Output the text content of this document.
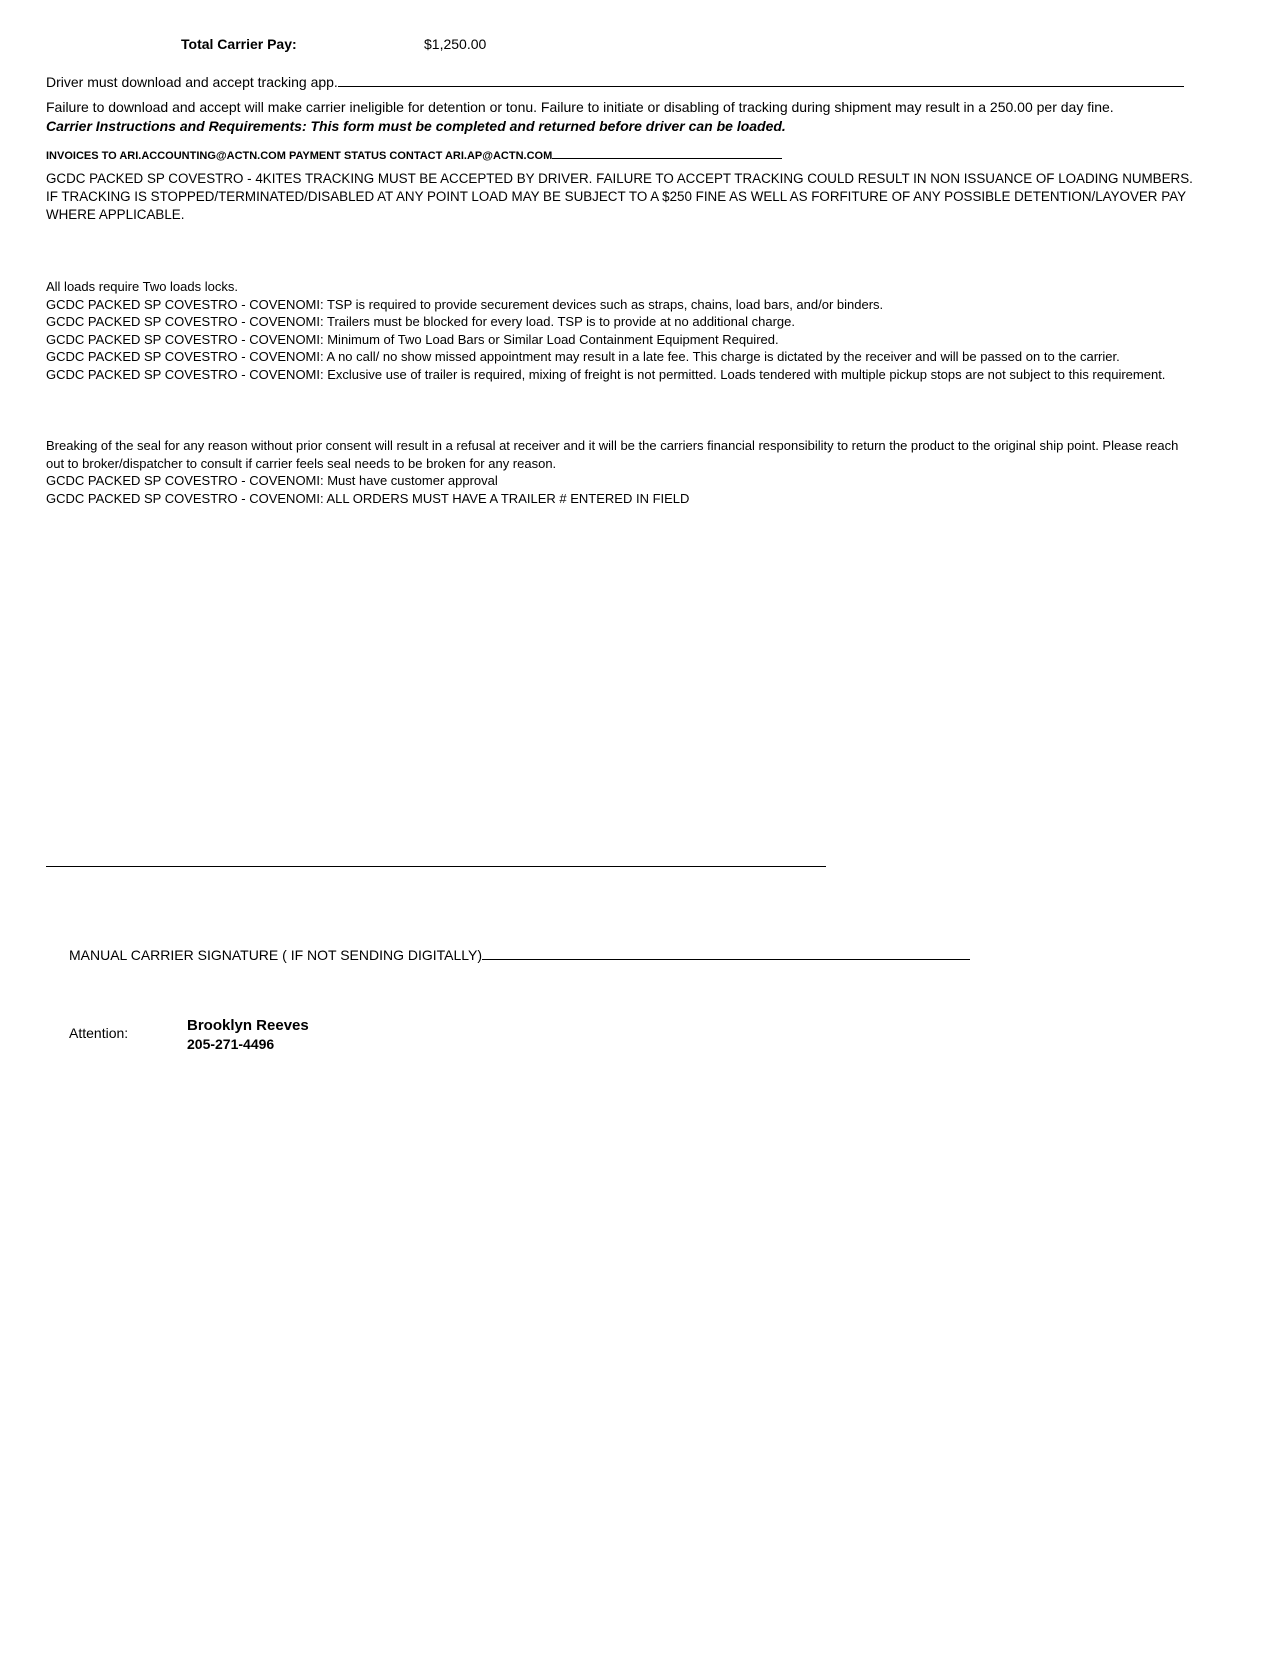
Total Carrier Pay:	$1,250.00
Driver must download and accept tracking app.
Failure to download and accept will make carrier ineligible for detention or tonu. Failure to initiate or disabling of tracking during shipment may result in a 250.00 per day fine.
Carrier Instructions and Requirements: This form must be completed and returned before driver can be loaded.
INVOICES TO ARI.ACCOUNTING@ACTN.COM PAYMENT STATUS CONTACT ARI.AP@ACTN.COM
GCDC PACKED SP COVESTRO - 4KITES TRACKING MUST BE ACCEPTED BY DRIVER. FAILURE TO ACCEPT TRACKING COULD RESULT IN NON ISSUANCE OF LOADING NUMBERS. IF TRACKING IS STOPPED/TERMINATED/DISABLED AT ANY POINT LOAD MAY BE SUBJECT TO A $250 FINE AS WELL AS FORFITURE OF ANY POSSIBLE DETENTION/LAYOVER PAY WHERE APPLICABLE.

All loads require Two loads locks.

GCDC PACKED SP COVESTRO - COVENOMI: TSP is required to provide securement devices such as straps, chains, load bars, and/or binders.

GCDC PACKED SP COVESTRO - COVENOMI: Trailers must be blocked for every load. TSP is to provide at no additional charge.

GCDC PACKED SP COVESTRO - COVENOMI: Minimum of Two Load Bars or Similar Load Containment Equipment Required.

GCDC PACKED SP COVESTRO - COVENOMI: A no call/ no show missed appointment may result in a late fee. This charge is dictated by the receiver and will be passed on to the carrier.

GCDC PACKED SP COVESTRO - COVENOMI: Exclusive use of trailer is required, mixing of freight is not permitted. Loads tendered with multiple pickup stops are not subject to this requirement.

Breaking of the seal for any reason without prior consent will result in a refusal at receiver and it will be the carriers financial responsibility to return the product to the original ship point. Please reach out to broker/dispatcher to consult if carrier feels seal needs to be broken for any reason.

GCDC PACKED SP COVESTRO - COVENOMI: Must have customer approval

GCDC PACKED SP COVESTRO - COVENOMI: ALL ORDERS MUST HAVE A TRAILER # ENTERED IN FIELD

MANUAL CARRIER SIGNATURE ( IF NOT SENDING DIGITALLY)
Attention:	Brooklyn Reeves
205-271-4496
